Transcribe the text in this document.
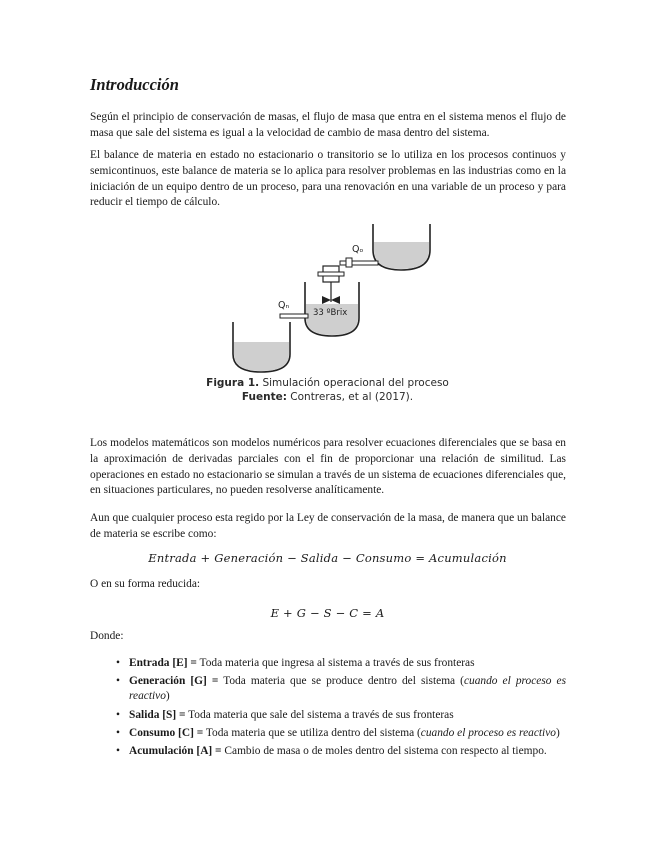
Introducción

Según el principio de conservación de masas, el flujo de masa que entra en el sistema menos el flujo de masa que sale del sistema es igual a la velocidad de cambio de masa dentro del sistema.

El balance de materia en estado no estacionario o transitorio se lo utiliza en los procesos continuos y semicontinuos, este balance de materia se lo aplica para resolver problemas en las industrias como en la iniciación de un equipo dentro de un proceso, para una renovación en una variable de un proceso y para reducir el tiempo de cálculo.

Qₒ
33 ºBrix
Qₙ
Figura 1. Simulación operacional del proceso
Fuente: Contreras, et al (2017).

Los modelos matemáticos son modelos numéricos para resolver ecuaciones diferenciales que se basa en la aproximación de derivadas parciales con el fin de proporcionar una relación de similitud. Las operaciones en estado no estacionario se simulan a través de un sistema de ecuaciones diferenciales que, en situaciones particulares, no pueden resolverse analíticamente.

Aun que cualquier proceso esta regido por la Ley de conservación de la masa, de manera que un balance de materia se escribe como:

Entrada + Generación − Salida − Consumo = Acumulación

O en su forma reducida:

E + G − S − C = A

Donde:

• Entrada [E] = Toda materia que ingresa al sistema a través de sus fronteras
• Generación [G] = Toda materia que se produce dentro del sistema (cuando el proceso es reactivo)
• Salida [S] = Toda materia que sale del sistema a través de sus fronteras
• Consumo [C] = Toda materia que se utiliza dentro del sistema (cuando el proceso es reactivo)
• Acumulación [A] = Cambio de masa o de moles dentro del sistema con respecto al tiempo.
